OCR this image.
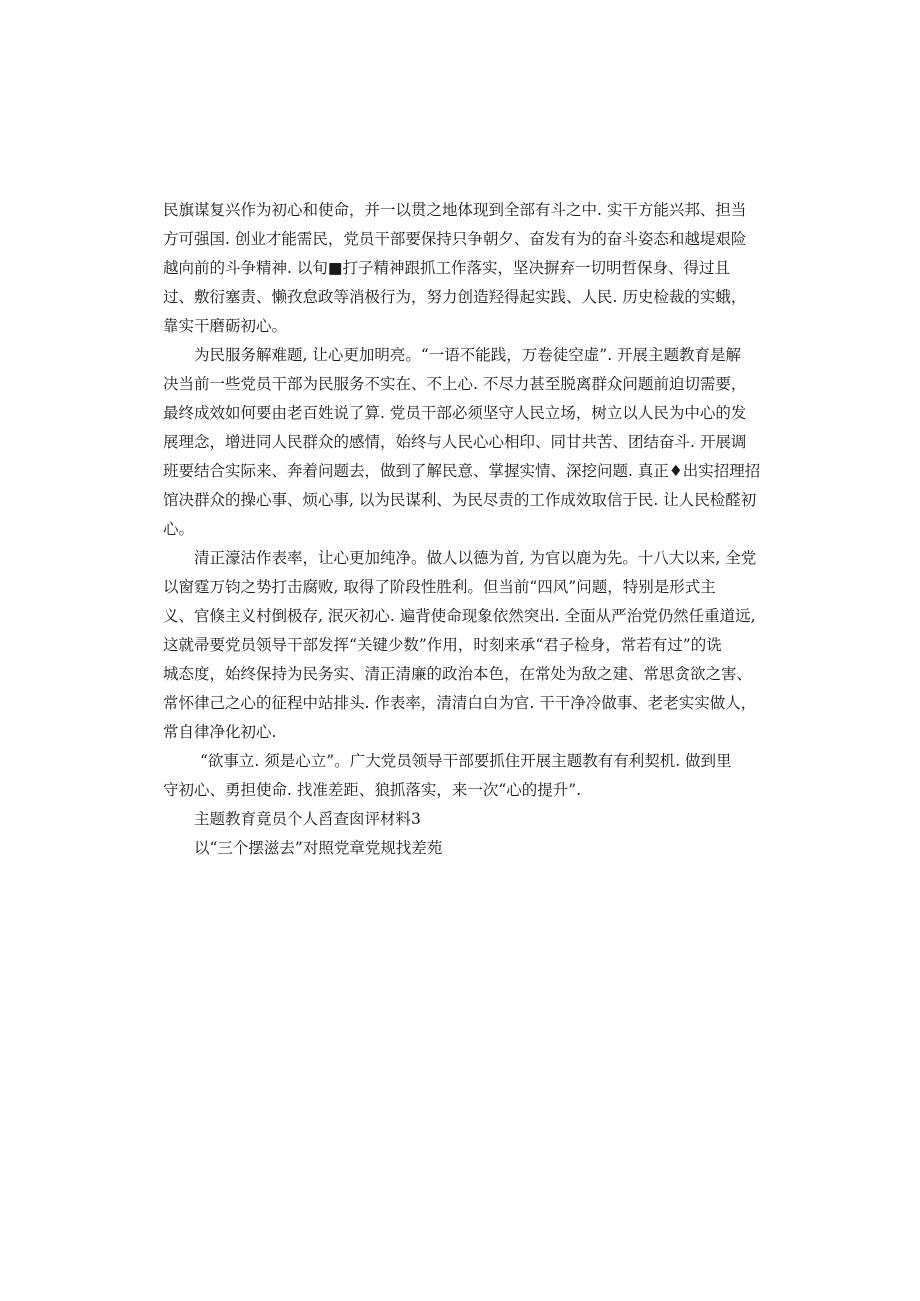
民旗谋复兴作为初心和使命，并一以贯之地体现到全部有斗之中. 实干方能兴邦、担当
方可强国. 创业才能需民，党员干部要保持只争朝夕、奋发有为的奋斗姿态和越堤艰险
越向前的斗争精神. 以旬■打子精神跟抓工作落实，坚决摒弃一切明哲保身、得过且
过、敷衍塞责、懒孜怠政等消极行为，努力创造羟得起实践、人民. 历史检裁的实蛾，
靠实干磨砺初心。
为民服务解难题, 让心更加明亮。“一语不能践，万卷徒空虚”. 开展主题教育是解
决当前一些党员干部为民服务不实在、不上心. 不尽力甚至脱离群众问题前迫切需要，
最终成效如何要由老百姓说了算. 党员干部必须坚守人民立场，树立以人民为中心的发
展理念，增进同人民群众的感情，始终与人民心心相印、同甘共苦、团结奋斗. 开展调
班要结合实际来、奔着问题去，做到了解民意、掌握实情、深挖问题. 真正♦出实招理招
馆决群众的操心事、烦心事, 以为民谋利、为民尽责的工作成效取信于民. 让人民检醛初
心。
清正濠沽作表率，让心更加纯净。做人以德为首, 为官以鹿为先。十八大以来, 全党
以窗霆万钧之势打击腐败, 取得了阶段性胜利。但当前“四风”问题，特别是形式主
义、官倏主义村倒极存, 泯灭初心. 遍背使命现象依然突出. 全面从严治党仍然任重道远,
这就帚要党员领导干部发挥“关键少数”作用，时刻来承“君子检身，常若有过”的诜
城态度，始终保持为民务实、清正清廉的政治本色，在常处为敌之建、常思贪欲之害、
常怀律己之心的征程中站排头. 作表率，清清白白为官. 干干净冷做事、老老实实做人，
常自律净化初心.
“欲事立. 须是心立”。广大党员领导干部要抓住开展主题教有有利契机. 做到里
守初心、勇担使命. 找准差距、狼抓落实，来一次“心的提升”.
主题教育竟员个人舀查囱评材料3
以“三个摆滋去”对照党章党规找差苑
